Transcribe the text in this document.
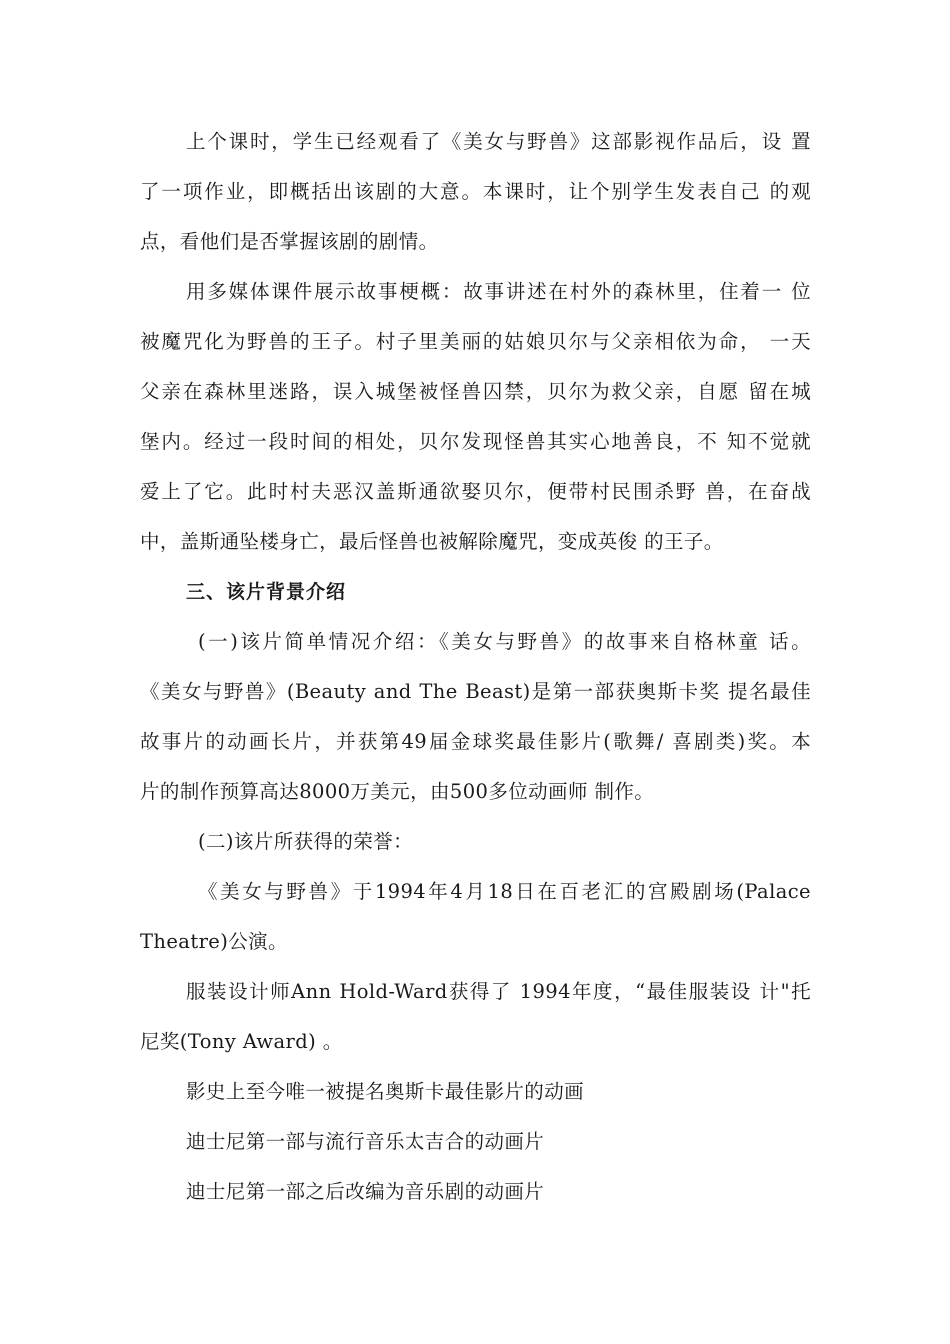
上个课时，学生已经观看了《美女与野兽》这部影视作品后，设 置
了一项作业，即概括出该剧的大意。本课时，让个别学生发表自己 的观
点，看他们是否掌握该剧的剧情。
用多媒体课件展示故事梗概：故事讲述在村外的森林里，住着一 位
被魔咒化为野兽的王子。村子里美丽的姑娘贝尔与父亲相依为命， 一天
父亲在森林里迷路，误入城堡被怪兽囚禁，贝尔为救父亲，自愿 留在城
堡内。经过一段时间的相处，贝尔发现怪兽其实心地善良，不 知不觉就
爱上了它。此时村夫恶汉盖斯通欲娶贝尔，便带村民围杀野 兽，在奋战
中，盖斯通坠楼身亡，最后怪兽也被解除魔咒，变成英俊 的王子。
三、该片背景介绍
(一)该片简单情况介绍：《美女与野兽》的故事来自格林童 话。
《美女与野兽》(Beauty and The Beast)是第一部获奥斯卡奖 提名最佳
故事片的动画长片，并获第49届金球奖最佳影片(歌舞/ 喜剧类)奖。本
片的制作预算高达8000万美元，由500多位动画师 制作。
(二)该片所获得的荣誉：
《美女与野兽》于1994年4月18日在百老汇的宫殿剧场(Palace
Theatre)公演。
服装设计师Ann Hold-Ward获得了 1994年度，“最佳服装设 计"托
尼奖(Tony Award) 。
影史上至今唯一被提名奥斯卡最佳影片的动画
迪士尼第一部与流行音乐太吉合的动画片
迪士尼第一部之后改编为音乐剧的动画片
